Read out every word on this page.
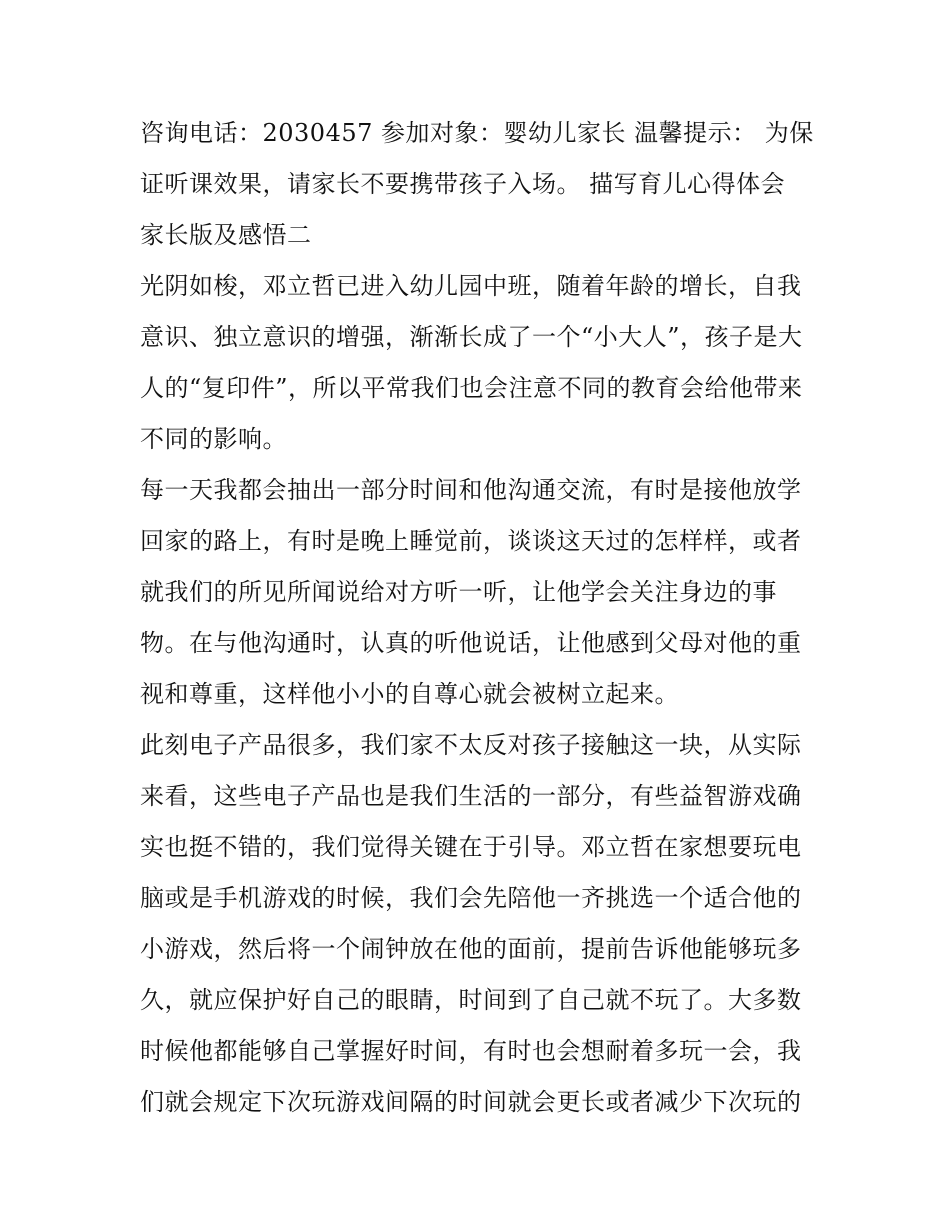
咨询电话：2030457 参加对象：婴幼儿家长 温馨提示： 为保
证听课效果，请家长不要携带孩子入场。 描写育儿心得体会
家长版及感悟二
光阴如梭，邓立哲已进入幼儿园中班，随着年龄的增长，自我
意识、独立意识的增强，渐渐长成了一个“小大人”，孩子是大
人的“复印件”，所以平常我们也会注意不同的教育会给他带来
不同的影响。
每一天我都会抽出一部分时间和他沟通交流，有时是接他放学
回家的路上，有时是晚上睡觉前，谈谈这天过的怎样样，或者
就我们的所见所闻说给对方听一听，让他学会关注身边的事
物。在与他沟通时，认真的听他说话，让他感到父母对他的重
视和尊重，这样他小小的自尊心就会被树立起来。
此刻电子产品很多，我们家不太反对孩子接触这一块，从实际
来看，这些电子产品也是我们生活的一部分，有些益智游戏确
实也挺不错的，我们觉得关键在于引导。邓立哲在家想要玩电
脑或是手机游戏的时候，我们会先陪他一齐挑选一个适合他的
小游戏，然后将一个闹钟放在他的面前，提前告诉他能够玩多
久，就应保护好自己的眼睛，时间到了自己就不玩了。大多数
时候他都能够自己掌握好时间，有时也会想耐着多玩一会，我
们就会规定下次玩游戏间隔的时间就会更长或者减少下次玩的
